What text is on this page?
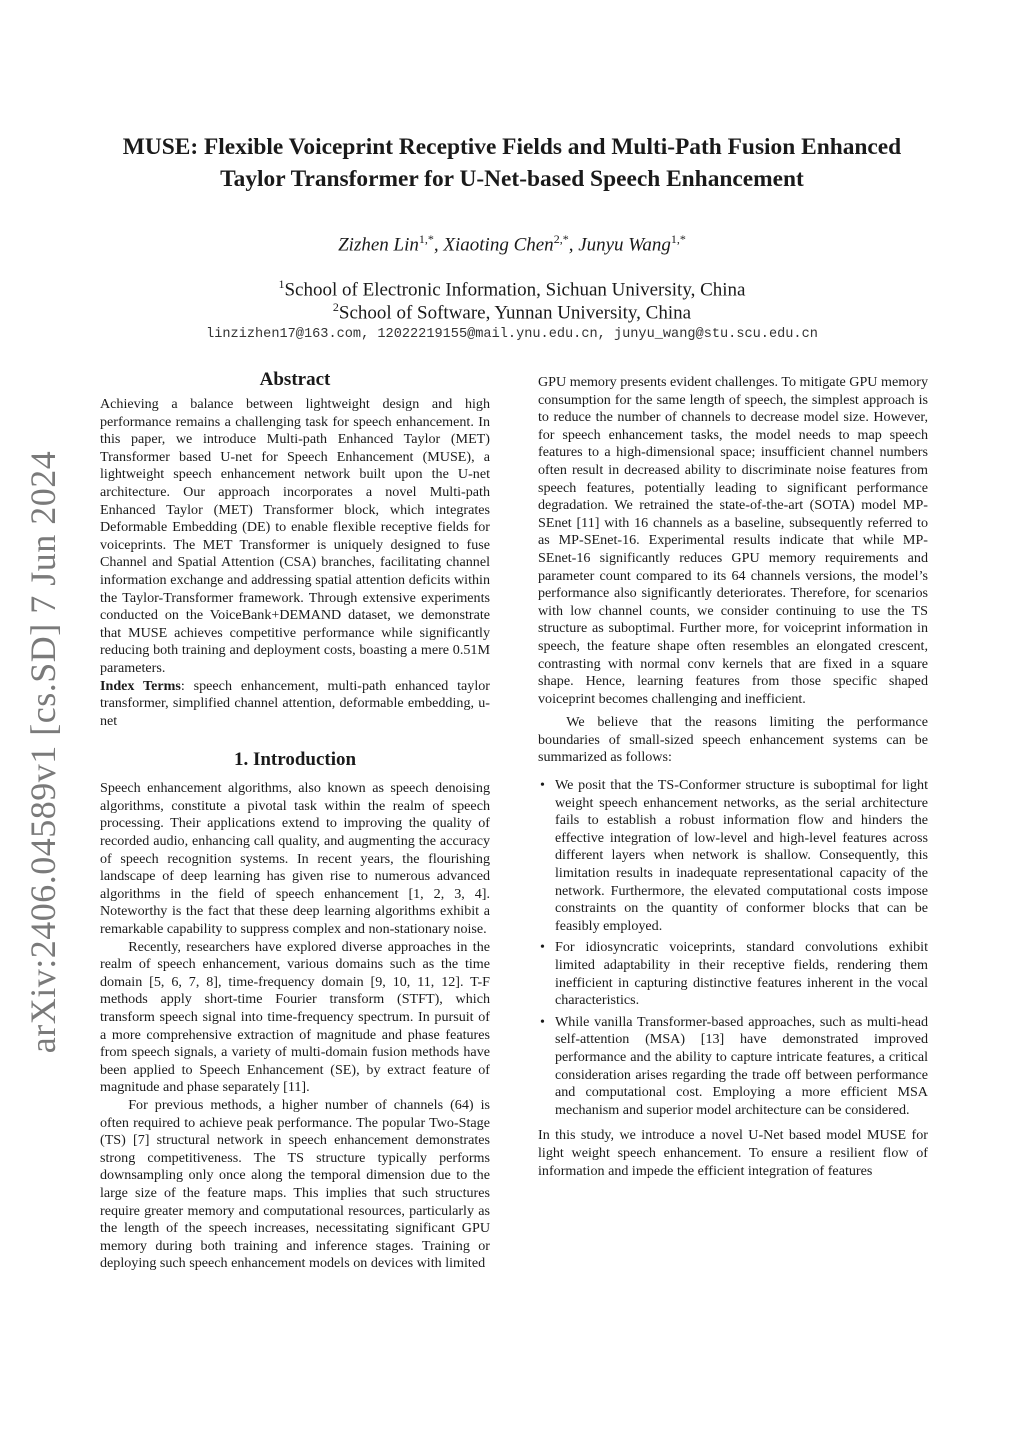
arXiv:2406.04589v1 [cs.SD] 7 Jun 2024
MUSE: Flexible Voiceprint Receptive Fields and Multi-Path Fusion Enhanced
Taylor Transformer for U-Net-based Speech Enhancement

Zizhen Lin$^{1,*}$, Xiaoting Chen$^{2,*}$, Junyu Wang$^{1,*}$

$^1$School of Electronic Information, Sichuan University, China

$^2$School of Software, Yunnan University, China

linzizhen17@163.com, 12022219155@mail.ynu.edu.cn, junyu_wang@stu.scu.edu.cn

Abstract

Achieving a balance between lightweight design and high performance remains a challenging task for speech enhancement. In this paper, we introduce Multi-path Enhanced Taylor (MET) Transformer based U-net for Speech Enhancement (MUSE), a lightweight speech enhancement network built upon the U-net architecture. Our approach incorporates a novel Multi-path Enhanced Taylor (MET) Transformer block, which integrates Deformable Embedding (DE) to enable flexible receptive fields for voiceprints. The MET Transformer is uniquely designed to fuse Channel and Spatial Attention (CSA) branches, facilitating channel information exchange and addressing spatial attention deficits within the Taylor-Transformer framework. Through extensive experiments conducted on the VoiceBank+DEMAND dataset, we demonstrate that MUSE achieves competitive performance while significantly reducing both training and deployment costs, boasting a mere 0.51M parameters.

Index Terms: speech enhancement, multi-path enhanced taylor transformer, simplified channel attention, deformable embedding, u-net

1. Introduction

Speech enhancement algorithms, also known as speech denoising algorithms, constitute a pivotal task within the realm of speech processing. Their applications extend to improving the quality of recorded audio, enhancing call quality, and augmenting the accuracy of speech recognition systems. In recent years, the flourishing landscape of deep learning has given rise to numerous advanced algorithms in the field of speech enhancement [1, 2, 3, 4]. Noteworthy is the fact that these deep learning algorithms exhibit a remarkable capability to suppress complex and non-stationary noise.

Recently, researchers have explored diverse approaches in the realm of speech enhancement, various domains such as the time domain [5, 6, 7, 8], time-frequency domain [9, 10, 11, 12]. T-F methods apply short-time Fourier transform (STFT), which transform speech signal into time-frequency spectrum. In pursuit of a more comprehensive extraction of magnitude and phase features from speech signals, a variety of multi-domain fusion methods have been applied to Speech Enhancement (SE), by extract feature of magnitude and phase separately [11].

For previous methods, a higher number of channels (64) is often required to achieve peak performance. The popular Two-Stage (TS) [7] structural network in speech enhancement demonstrates strong competitiveness. The TS structure typically performs downsampling only once along the temporal dimension due to the large size of the feature maps. This implies that such structures require greater memory and computational resources, particularly as the length of the speech increases, necessitating significant GPU memory during both training and inference stages. Training or deploying such speech enhancement models on devices with limited

GPU memory presents evident challenges. To mitigate GPU memory consumption for the same length of speech, the simplest approach is to reduce the number of channels to decrease model size. However, for speech enhancement tasks, the model needs to map speech features to a high-dimensional space; insufficient channel numbers often result in decreased ability to discriminate noise features from speech features, potentially leading to significant performance degradation. We retrained the state-of-the-art (SOTA) model MP-SEnet [11] with 16 channels as a baseline, subsequently referred to as MP-SEnet-16. Experimental results indicate that while MP-SEnet-16 significantly reduces GPU memory requirements and parameter count compared to its 64 channels versions, the model’s performance also significantly deteriorates. Therefore, for scenarios with low channel counts, we consider continuing to use the TS structure as suboptimal. Further more, for voiceprint information in speech, the feature shape often resembles an elongated crescent, contrasting with normal conv kernels that are fixed in a square shape. Hence, learning features from those specific shaped voiceprint becomes challenging and inefficient.

We believe that the reasons limiting the performance boundaries of small-sized speech enhancement systems can be summarized as follows:

• We posit that the TS-Conformer structure is suboptimal for light weight speech enhancement networks, as the serial architecture fails to establish a robust information flow and hinders the effective integration of low-level and high-level features across different layers when network is shallow. Consequently, this limitation results in inadequate representational capacity of the network. Furthermore, the elevated computational costs impose constraints on the quantity of conformer blocks that can be feasibly employed.
• For idiosyncratic voiceprints, standard convolutions exhibit limited adaptability in their receptive fields, rendering them inefficient in capturing distinctive features inherent in the vocal characteristics.
• While vanilla Transformer-based approaches, such as multi-head self-attention (MSA) [13] have demonstrated improved performance and the ability to capture intricate features, a critical consideration arises regarding the trade off between performance and computational cost. Employing a more efficient MSA mechanism and superior model architecture can be considered.

In this study, we introduce a novel U-Net based model MUSE for light weight speech enhancement. To ensure a resilient flow of information and impede the efficient integration of features
